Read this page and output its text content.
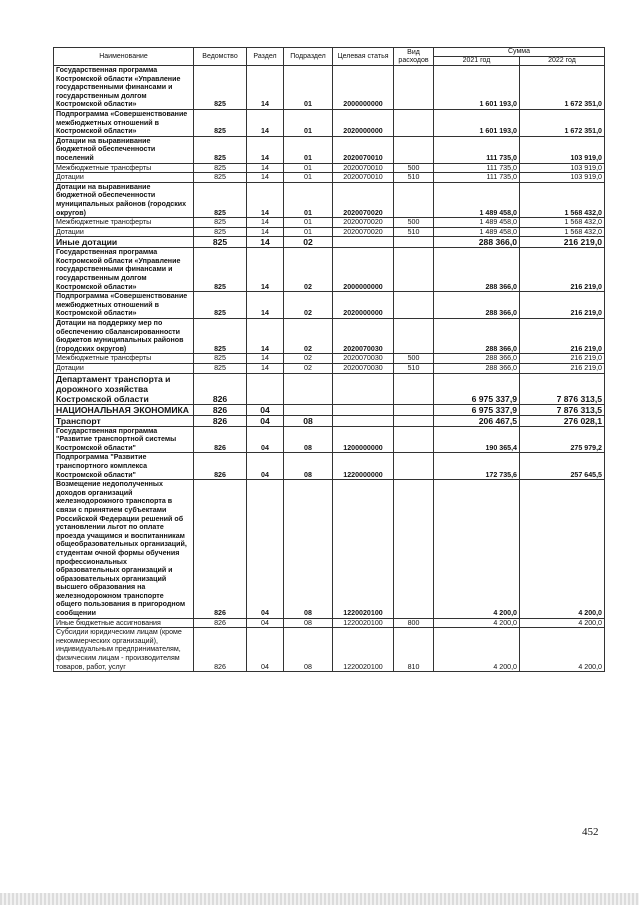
Наименование	Ведомство	Раздел	Подраздел	Целевая статья	Вид расходов	Сумма	
						2021 год	2022 год
Государственная программа Костромской области «Управление государственными финансами и государственным долгом Костромской области»	825	14	01	2000000000		1 601 193,0	1 672 351,0
Подпрограмма «Совершенствование межбюджетных отношений в Костромской области»	825	14	01	2020000000		1 601 193,0	1 672 351,0
Дотации на выравнивание бюджетной обеспеченности поселений	825	14	01	2020070010		111 735,0	103 919,0
Межбюджетные трансферты	825	14	01	2020070010	500	111 735,0	103 919,0
Дотации	825	14	01	2020070010	510	111 735,0	103 919,0
Дотации на выравнивание бюджетной обеспеченности муниципальных районов (городских округов)	825	14	01	2020070020		1 489 458,0	1 568 432,0
Межбюджетные трансферты	825	14	01	2020070020	500	1 489 458,0	1 568 432,0
Дотации	825	14	01	2020070020	510	1 489 458,0	1 568 432,0
Иные дотации	825	14	02			288 366,0	216 219,0
Государственная программа Костромской области «Управление государственными финансами и государственным долгом Костромской области»	825	14	02	2000000000		288 366,0	216 219,0
Подпрограмма «Совершенствование межбюджетных отношений в Костромской области»	825	14	02	2020000000		288 366,0	216 219,0
Дотации на поддержку мер по обеспечению сбалансированности бюджетов муниципальных районов (городских округов)	825	14	02	2020070030		288 366,0	216 219,0
Межбюджетные трансферты	825	14	02	2020070030	500	288 366,0	216 219,0
Дотации	825	14	02	2020070030	510	288 366,0	216 219,0
Департамент транспорта и дорожного хозяйства Костромской области	826					6 975 337,9	7 876 313,5
НАЦИОНАЛЬНАЯ ЭКОНОМИКА	826	04				6 975 337,9	7 876 313,5
Транспорт	826	04	08			206 467,5	276 028,1
Государственная программа "Развитие транспортной системы Костромской области"	826	04	08	1200000000		190 365,4	275 979,2
Подпрограмма "Развитие транспортного комплекса Костромской области"	826	04	08	1220000000		172 735,6	257 645,5
Возмещение недополученных доходов организаций железнодорожного транспорта в связи с принятием субъектами Российской Федерации решений об установлении льгот по оплате проезда учащимся и воспитанникам общеобразовательных организаций, студентам очной формы обучения профессиональных образовательных организаций и образовательных организаций высшего образования на железнодорожном транспорте общего пользования в пригородном сообщении	826	04	08	1220020100		4 200,0	4 200,0
Иные бюджетные ассигнования	826	04	08	1220020100	800	4 200,0	4 200,0
Субсидии юридическим лицам (кроме некоммерческих организаций), индивидуальным предпринимателям, физическим лицам - производителям товаров, работ, услуг	826	04	08	1220020100	810	4 200,0	4 200,0
452
